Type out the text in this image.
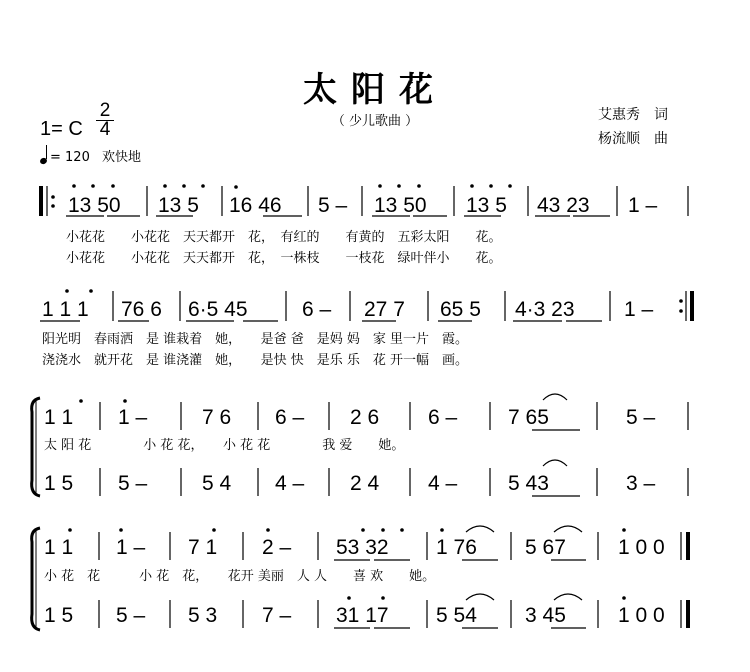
太阳花
（ 少儿歌曲 ）	艾惠秀　词
杨流顺　曲
1= C
2
4
= 120 欢快地
13 50 13 5 16 46 5 – 13 50 13 5 43 23 1 –
小花花　　小花花　天天都开　花，　有红的　　有黄的　五彩太阳　　花。
小花花　　小花花　天天都开　花，　一株枝　　一枝花　绿叶伴小　　花。
1 1 1 76 6 6·5 45	6 – 27 7 65 5 4·3 23 1 –
阳光明　春雨洒　是 谁栽着　她，　　是爸 爸　是妈 妈　家 里一片　霞。
浇浇水　就开花　是 谁浇灌　她，　　是快 快　是乐 乐　花 开一幅　画。
1 1 1 –	7 6 6 – 2 6 6 – 7 65	5 –
太 阳 花　　　　小 花 花，　　小 花 花　　　　我 爱　　她。
1 5 5 –	5 4 4 – 2 4 4 – 5 43	3 –
1 1 1 – 7 1 2 – 53 32 1 76 5 67 1 0 0
小 花　花　　　小 花　花，　　花开 美丽　人 人　　喜 欢　　她。
1 5 5 – 5 3 7 – 31 17 5 54 3 45 1 0 0
